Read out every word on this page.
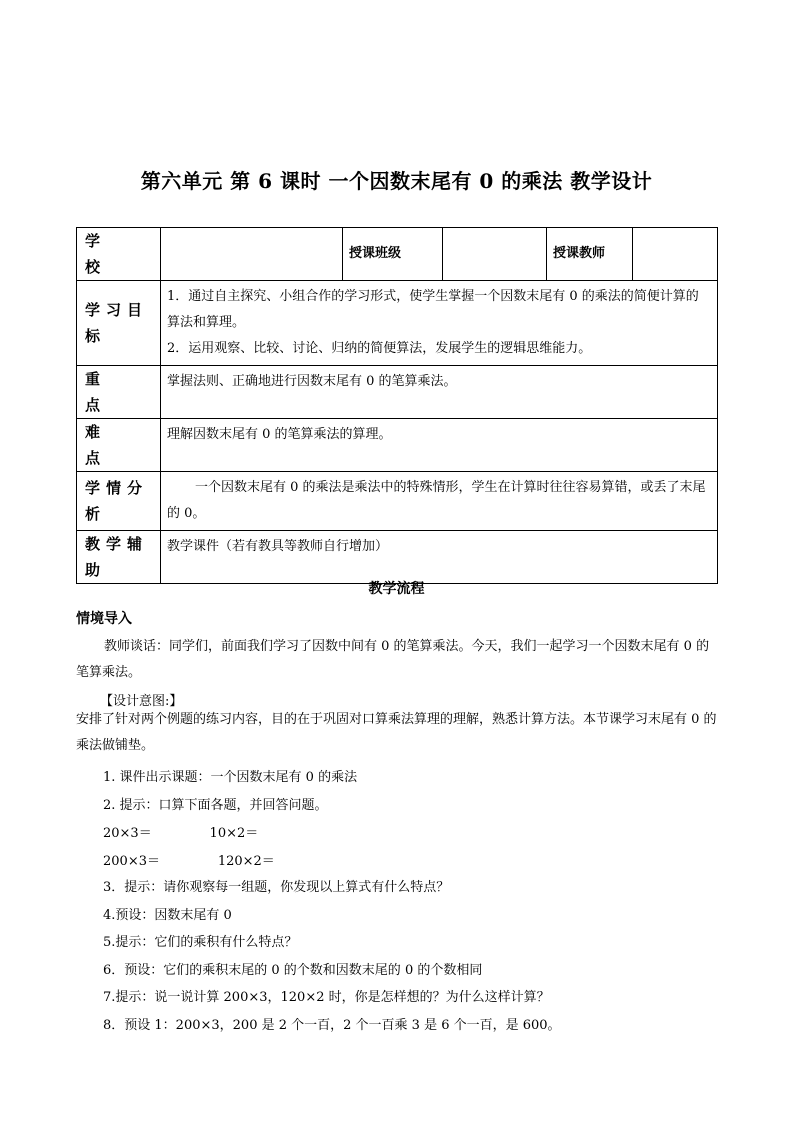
第六单元 第 6 课时 一个因数末尾有 0 的乘法 教学设计
学　　校		授课班级		授课教师	
学习目标	1．通过自主探究、小组合作的学习形式，使学生掌握一个因数末尾有 0 的乘法的简便计算的算法和算理。
2．运用观察、比较、讨论、归纳的简便算法，发展学生的逻辑思维能力。				

重　　点	掌握法则、正确地进行因数末尾有 0 的笔算乘法。				
难　　点	理解因数末尾有 0 的笔算乘法的算理。				
学情分析	一个因数末尾有 0 的乘法是乘法中的特殊情形，学生在计算时往往容易算错，或丢了末尾的 0。				
教学辅助	教学课件（若有教具等教师自行增加）				
教学流程
情境导入
教师谈话：同学们，前面我们学习了因数中间有 0 的笔算乘法。今天，我们一起学习一个因数末尾有 0 的笔算乘法。
【设计意图:】
安排了针对两个例题的练习内容，目的在于巩固对口算乘法算理的理解，熟悉计算方法。本节课学习末尾有 0 的乘法做铺垫。
1. 课件出示课题：一个因数末尾有 0 的乘法
2. 提示：口算下面各题，并回答问题。
20×3＝              10×2＝
200×3＝              120×2＝
3．提示：请你观察每一组题，你发现以上算式有什么特点？
4.预设：因数末尾有 0
5.提示：它们的乘积有什么特点？
6．预设：它们的乘积末尾的 0 的个数和因数末尾的 0 的个数相同
7.提示：说一说计算 200×3，120×2 时，你是怎样想的？为什么这样计算？
8．预设 1：200×3，200 是 2 个一百，2 个一百乘 3 是 6 个一百，是 600。
